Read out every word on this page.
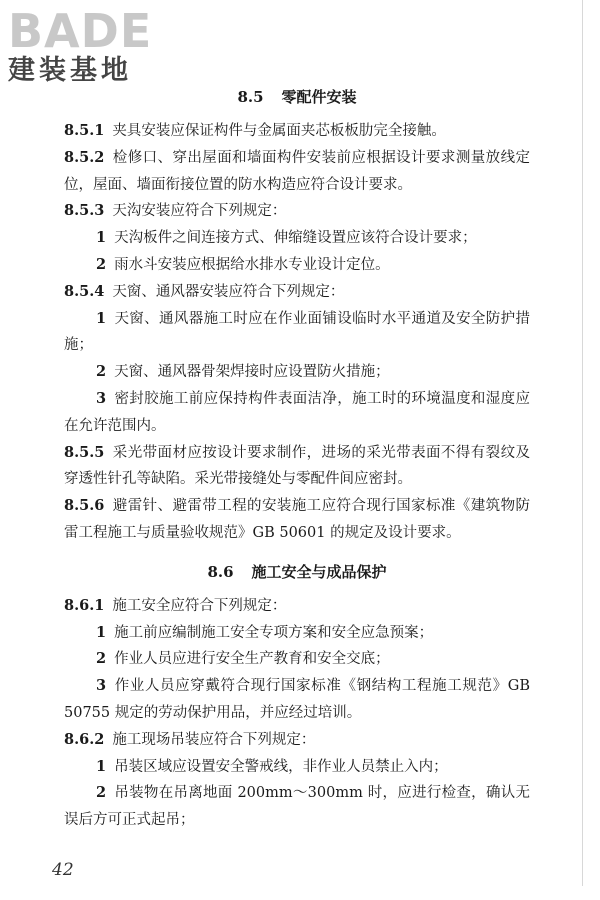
BADE
建装基地
8.5 零配件安装
8.5.1 夹具安装应保证构件与金属面夹芯板板肋完全接触。
8.5.2 检修口、穿出屋面和墙面构件安装前应根据设计要求测量放线定位，屋面、墙面衔接位置的防水构造应符合设计要求。
8.5.3 天沟安装应符合下列规定：
1 天沟板件之间连接方式、伸缩缝设置应该符合设计要求；
2 雨水斗安装应根据给水排水专业设计定位。
8.5.4 天窗、通风器安装应符合下列规定：
1 天窗、通风器施工时应在作业面铺设临时水平通道及安全防护措施；
2 天窗、通风器骨架焊接时应设置防火措施；
3 密封胶施工前应保持构件表面洁净，施工时的环境温度和湿度应在允许范围内。
8.5.5 采光带面材应按设计要求制作，进场的采光带表面不得有裂纹及穿透性针孔等缺陷。采光带接缝处与零配件间应密封。
8.5.6 避雷针、避雷带工程的安装施工应符合现行国家标准《建筑物防雷工程施工与质量验收规范》GB 50601 的规定及设计要求。
8.6 施工安全与成品保护
8.6.1 施工安全应符合下列规定：
1 施工前应编制施工安全专项方案和安全应急预案；
2 作业人员应进行安全生产教育和安全交底；
3 作业人员应穿戴符合现行国家标准《钢结构工程施工规范》GB 50755 规定的劳动保护用品，并应经过培训。
8.6.2 施工现场吊装应符合下列规定：
1 吊装区域应设置安全警戒线，非作业人员禁止入内；
2 吊装物在吊离地面 200mm～300mm 时，应进行检查，确认无误后方可正式起吊；
42
